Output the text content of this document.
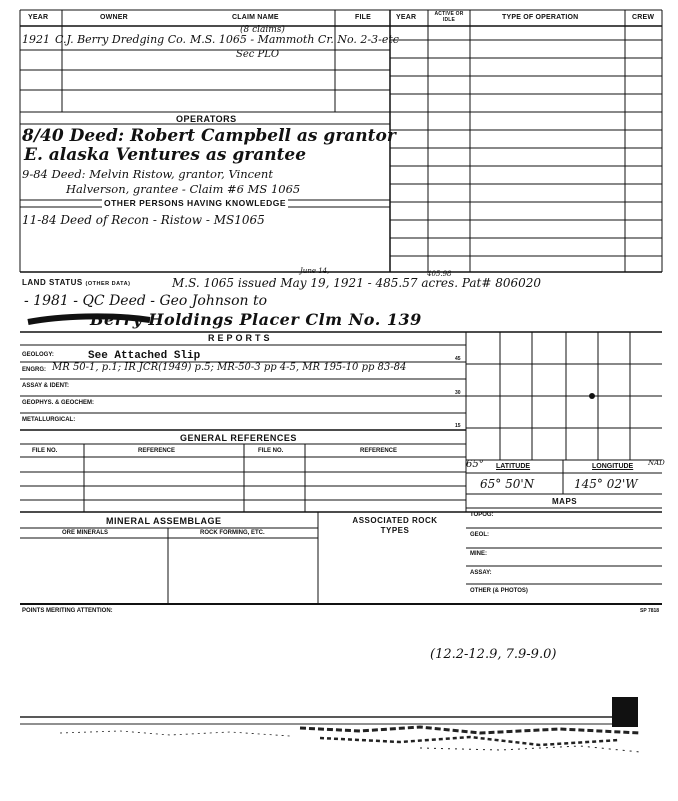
YEAR	OWNER	CLAIM NAME	FILE	YEAR	ACTIVE OR IDLE	TYPE OF OPERATION	CREW
(8 claims)
1921 C.J. Berry Dredging Co. M.S. 1065 - Mammoth Cr. No. 2-3-etc
Sec PLO
OPERATORS
8/40 Deed: Robert Campbell as grantor
E. alaska Ventures as grantee
9-84 Deed: Melvin Ristow, grantor, Vincent
Halverson, grantee - Claim #6 MS 1065
OTHER PERSONS HAVING KNOWLEDGE
11-84 Deed of Recon - Ristow - MS1065
LAND STATUS (OTHER DATA)
June 14,	405.98
M.S. 1065 issued May 19, 1921 - 485.57 acres. Pat# 806020
- 1981 - QC Deed - Geo Johnson to
Berry Holdings Placer Clm No. 139
REPORTS
GEOLOGY:	See Attached Slip
ENGRG: MR 50-1, p.1; IR JCR(1949) p.5; MR-50-3 pp 4-5, MR 195-10 pp 83-84
ASSAY & IDENT:
GEOPHYS. & GEOCHEM:
METALLURGICAL:
45
30
15
GENERAL REFERENCES
FILE NO.	REFERENCE	FILE NO.	REFERENCE
65° LATITUDE	LONGITUDE NAD
65° 50'N	145° 02'W
MAPS
TOPOG:
GEOL:
MINE:
ASSAY:
OTHER (& PHOTOS)
MINERAL ASSEMBLAGE
ORE MINERALS	ROCK FORMING, ETC.
ASSOCIATED ROCK TYPES
POINTS MERITING ATTENTION:	SP 7818
(12.2-12.9, 7.9-9.0)
